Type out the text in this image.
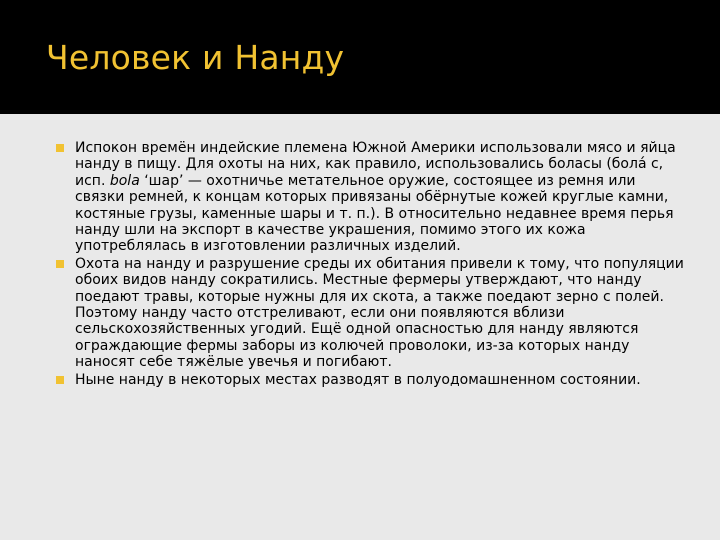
Человек и Нанду
Испокон времён индейские племена Южной Америки использовали мясо и яйца нанду в пищу. Для охоты на них, как правило, использовались боласы (бола́ с, исп. bola ‘шар’ — охотничье метательное оружие, состоящее из ремня или связки ремней, к концам которых привязаны обёрнутые кожей круглые камни, костяные грузы, каменные шары и т. п.). В относительно недавнее время перья нанду шли на экспорт в качестве украшения, помимо этого их кожа употреблялась в изготовлении различных изделий.
Охота на нанду и разрушение среды их обитания привели к тому, что популяции обоих видов нанду сократились. Местные фермеры утверждают, что нанду поедают травы, которые нужны для их скота, а также поедают зерно с полей. Поэтому нанду часто отстреливают, если они появляются вблизи сельскохозяйственных угодий. Ещё одной опасностью для нанду являются ограждающие фермы заборы из колючей проволоки, из-за которых нанду наносят себе тяжёлые увечья и погибают.
Ныне нанду в некоторых местах разводят в полуодомашненном состоянии.
